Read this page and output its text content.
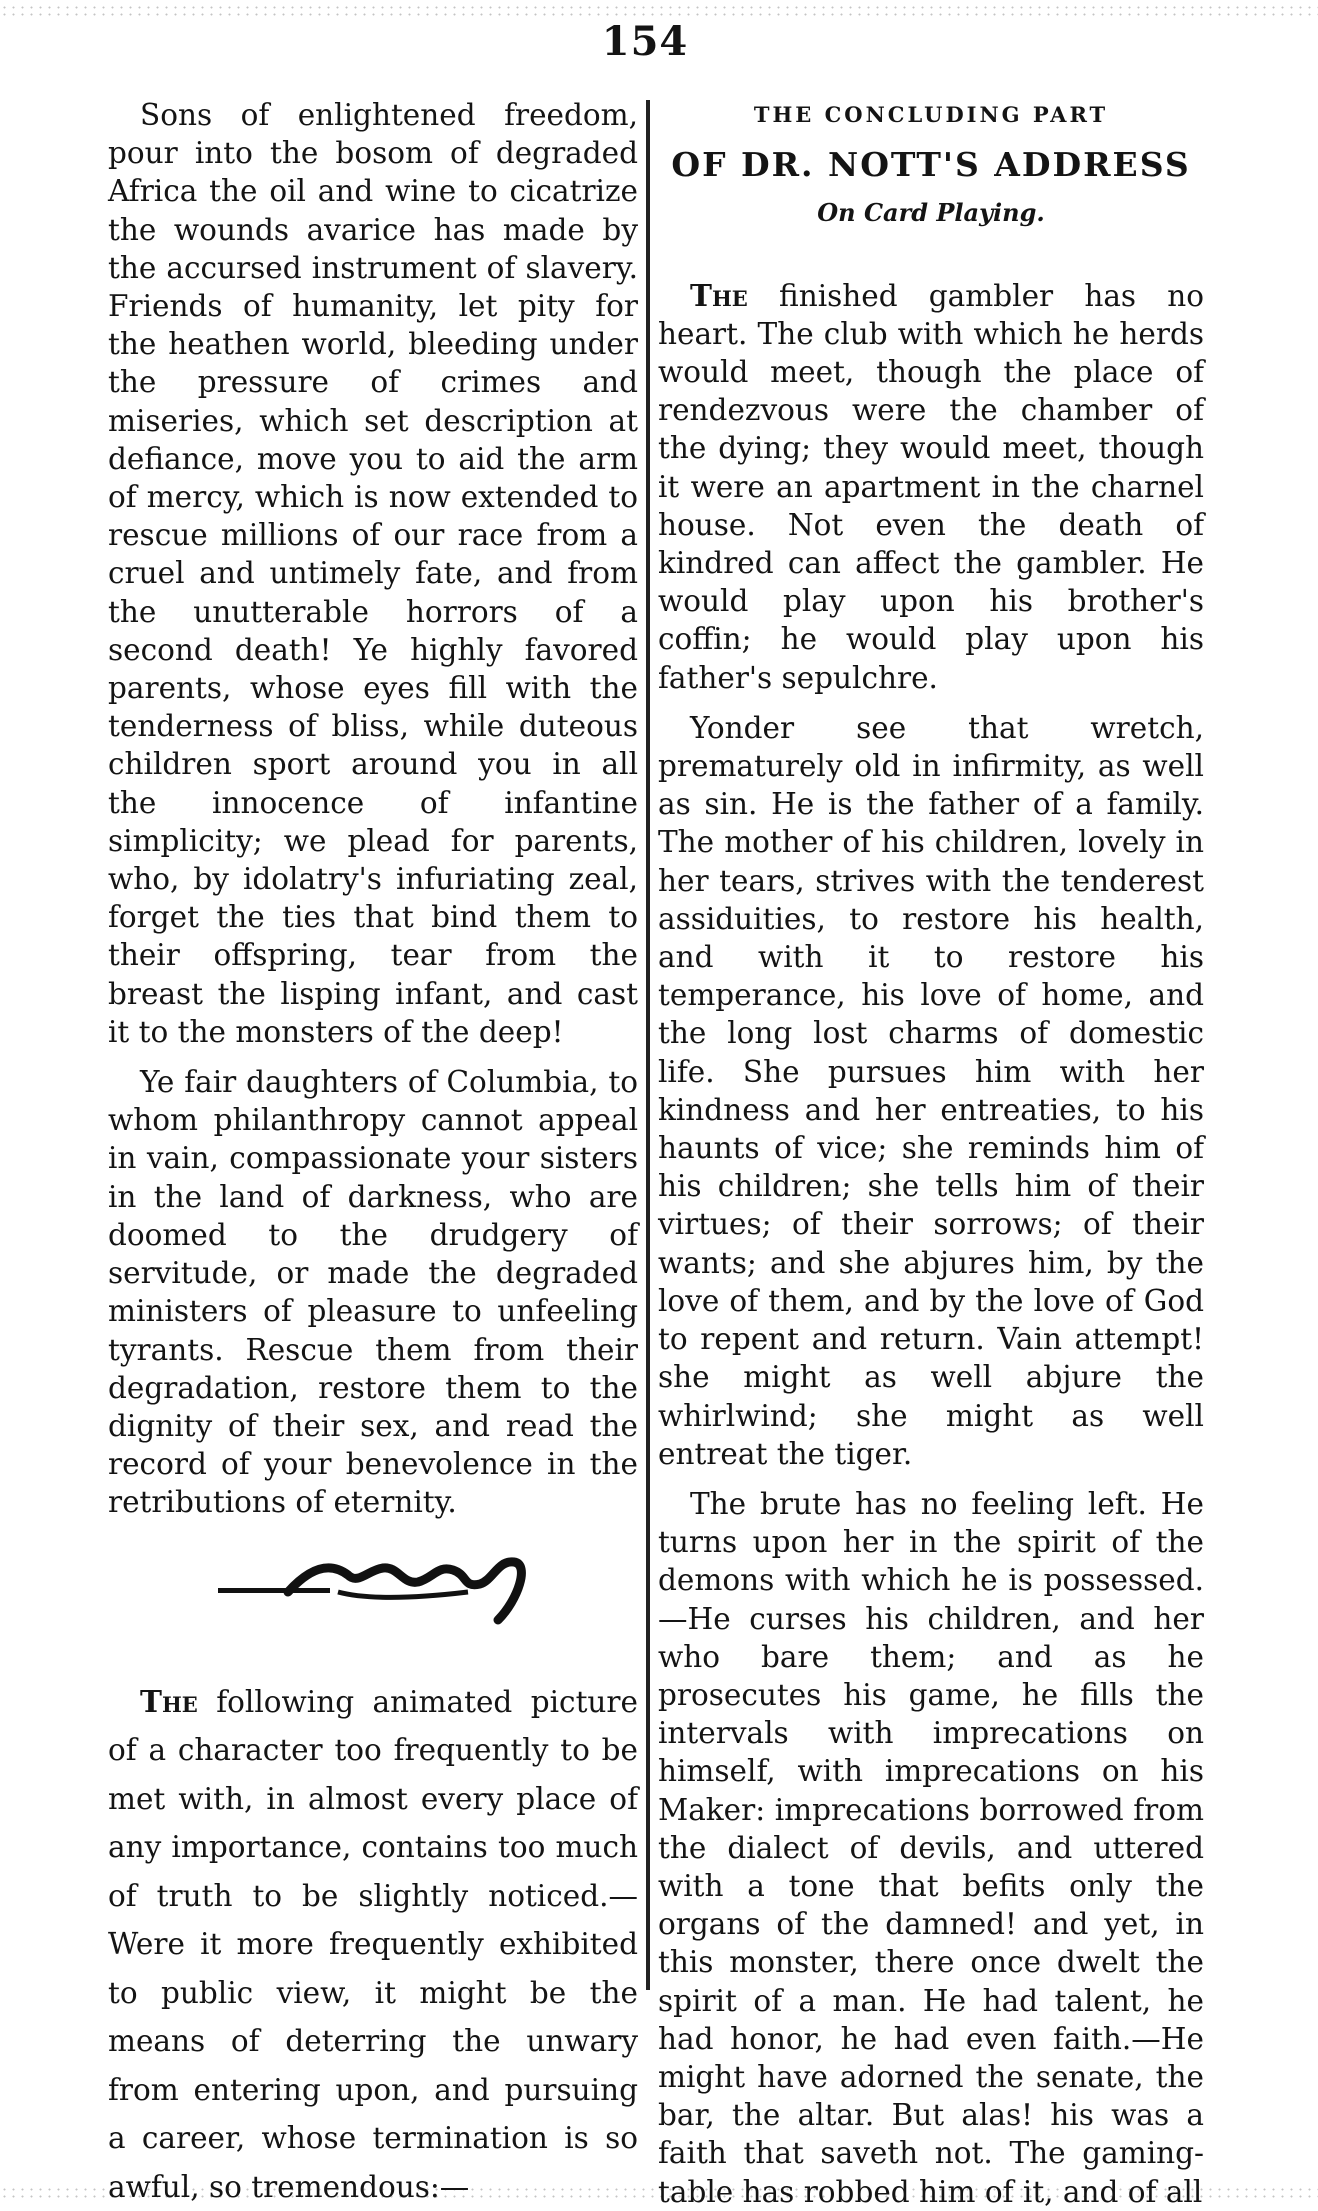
154

Sons of enlightened freedom, pour into the bosom of degraded Africa the oil and wine to cicatrize the wounds avarice has made by the accursed instrument of slavery. Friends of humanity, let pity for the heathen world, bleeding under the pressure of crimes and miseries, which set description at defiance, move you to aid the arm of mercy, which is now extended to rescue millions of our race from a cruel and untimely fate, and from the unutterable horrors of a second death! Ye highly favored parents, whose eyes fill with the tenderness of bliss, while duteous children sport around you in all the innocence of infantine simplicity; we plead for parents, who, by idolatry's infuriating zeal, forget the ties that bind them to their offspring, tear from the breast the lisping infant, and cast it to the monsters of the deep!

Ye fair daughters of Columbia, to whom philanthropy cannot appeal in vain, compassionate your sisters in the land of darkness, who are doomed to the drudgery of servitude, or made the degraded ministers of pleasure to unfeeling tyrants. Rescue them from their degradation, restore them to the dignity of their sex, and read the record of your benevolence in the retributions of eternity.

The following animated picture of a character too frequently to be met with, in almost every place of any importance, contains too much of truth to be slightly noticed.—Were it more frequently exhibited to public view, it might be the means of deterring the unwary from entering upon, and pursuing a career, whose termination is so awful, so tremendous:—

THE CONCLUDING PART
OF DR. NOTT'S ADDRESS
On Card Playing.

The finished gambler has no heart. The club with which he herds would meet, though the place of rendezvous were the chamber of the dying; they would meet, though it were an apartment in the charnel house. Not even the death of kindred can affect the gambler. He would play upon his brother's coffin; he would play upon his father's sepulchre.

Yonder see that wretch, prematurely old in infirmity, as well as sin. He is the father of a family. The mother of his children, lovely in her tears, strives with the tenderest assiduities, to restore his health, and with it to restore his temperance, his love of home, and the long lost charms of domestic life. She pursues him with her kindness and her entreaties, to his haunts of vice; she reminds him of his children; she tells him of their virtues; of their sorrows; of their wants; and she abjures him, by the love of them, and by the love of God to repent and return. Vain attempt! she might as well abjure the whirlwind; she might as well entreat the tiger.

The brute has no feeling left. He turns upon her in the spirit of the demons with which he is possessed.—He curses his children, and her who bare them; and as he prosecutes his game, he fills the intervals with imprecations on himself, with imprecations on his Maker: imprecations borrowed from the dialect of devils, and uttered with a tone that befits only the organs of the damned! and yet, in this monster, there once dwelt the spirit of a man. He had talent, he had honor, he had even faith.—He might have adorned the senate, the bar, the altar. But alas! his was a faith that saveth not. The gaming-table has robbed him of it, and of all
